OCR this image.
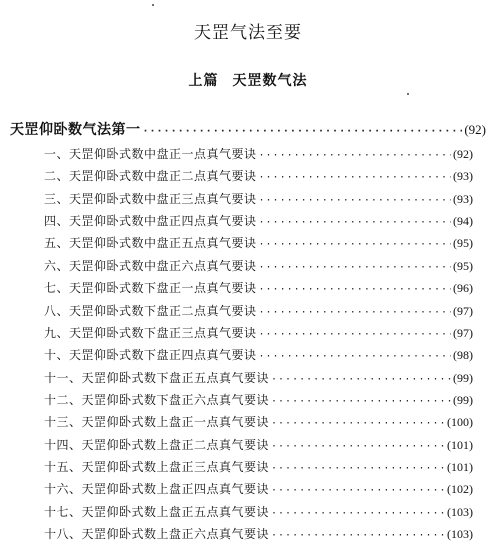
天罡气法至要
上篇 天罡数气法
天罡仰卧数气法第一 ·····	(92)
一、天罡仰卧式数中盘正一点真气要诀 ·····	(92)
二、天罡仰卧式数中盘正二点真气要诀 ·····	(93)
三、天罡仰卧式数中盘正三点真气要诀 ·····	(93)
四、天罡仰卧式数中盘正四点真气要诀 ·····	(94)
五、天罡仰卧式数中盘正五点真气要诀 ·····	(95)
六、天罡仰卧式数中盘正六点真气要诀 ·····	(95)
七、天罡仰卧式数下盘正一点真气要诀 ·····	(96)
八、天罡仰卧式数下盘正二点真气要诀 ·····	(97)
九、天罡仰卧式数下盘正三点真气要诀 ·····	(97)
十、天罡仰卧式数下盘正四点真气要诀 ·····	(98)
十一、天罡仰卧式数下盘正五点真气要诀 ·····	(99)
十二、天罡仰卧式数下盘正六点真气要诀 ·····	(99)
十三、天罡仰卧式数上盘正一点真气要诀 ·····	(100)
十四、天罡仰卧式数上盘正二点真气要诀 ·····	(101)
十五、天罡仰卧式数上盘正三点真气要诀 ·····	(101)
十六、天罡仰卧式数上盘正四点真气要诀 ·····	(102)
十七、天罡仰卧式数上盘正五点真气要诀 ·····	(103)
十八、天罡仰卧式数上盘正六点真气要诀 ·····	(103)
